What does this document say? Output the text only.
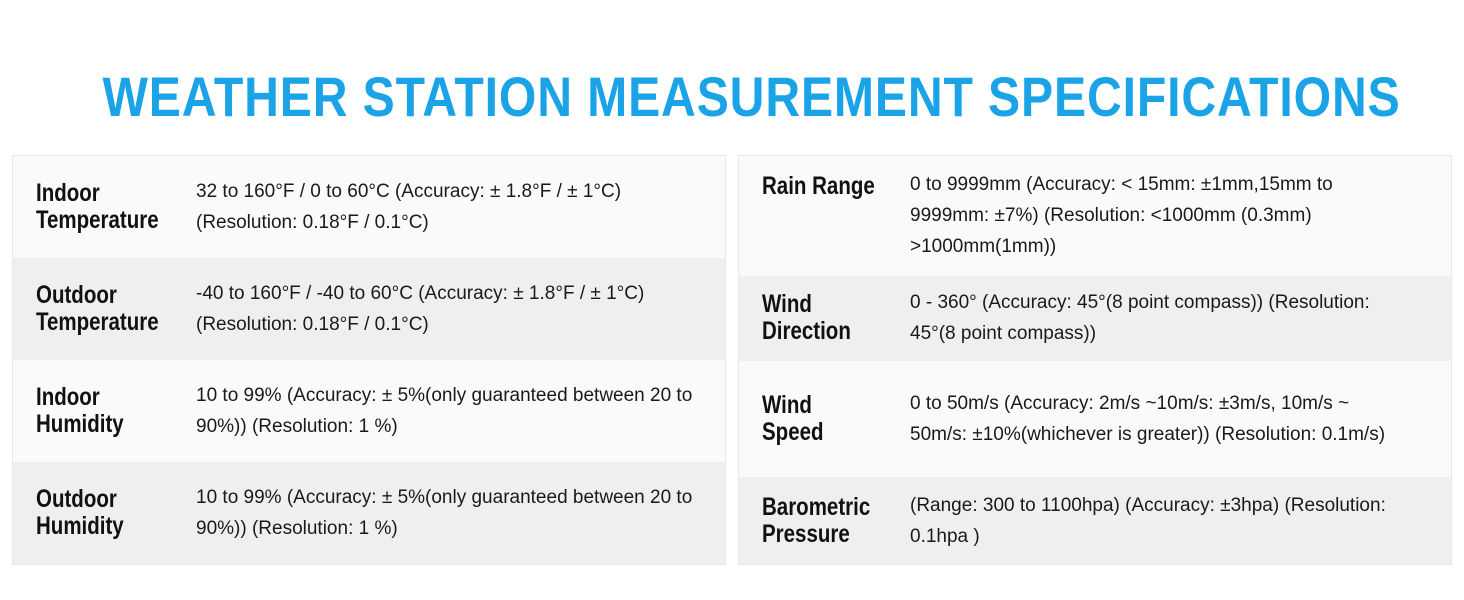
WEATHER STATION MEASUREMENT SPECIFICATIONS
Indoor
Temperature
32 to 160°F / 0 to 60°C (Accuracy: ± 1.8°F / ± 1°C) (Resolution: 0.18°F / 0.1°C)
Outdoor
Temperature
-40 to 160°F / -40 to 60°C (Accuracy: ± 1.8°F / ± 1°C) (Resolution: 0.18°F / 0.1°C)
Indoor
Humidity
10 to 99% (Accuracy: ± 5%(only guaranteed between 20 to 90%)) (Resolution: 1 %)
Outdoor
Humidity
10 to 99% (Accuracy: ± 5%(only guaranteed between 20 to 90%)) (Resolution: 1 %)
Rain Range	0 to 9999mm (Accuracy: < 15mm: ±1mm,15mm to 9999mm: ±7%) (Resolution: <1000mm (0.3mm) >1000mm(1mm))
Wind
Direction
0 - 360° (Accuracy: 45°(8 point compass)) (Resolution: 45°(8 point compass))
Wind
Speed
0 to 50m/s (Accuracy: 2m/s ~10m/s: ±3m/s, 10m/s ~ 50m/s: ±10%(whichever is greater)) (Resolution: 0.1m/s)
Barometric
Pressure
(Range: 300 to 1100hpa) (Accuracy: ±3hpa) (Resolution: 0.1hpa )
